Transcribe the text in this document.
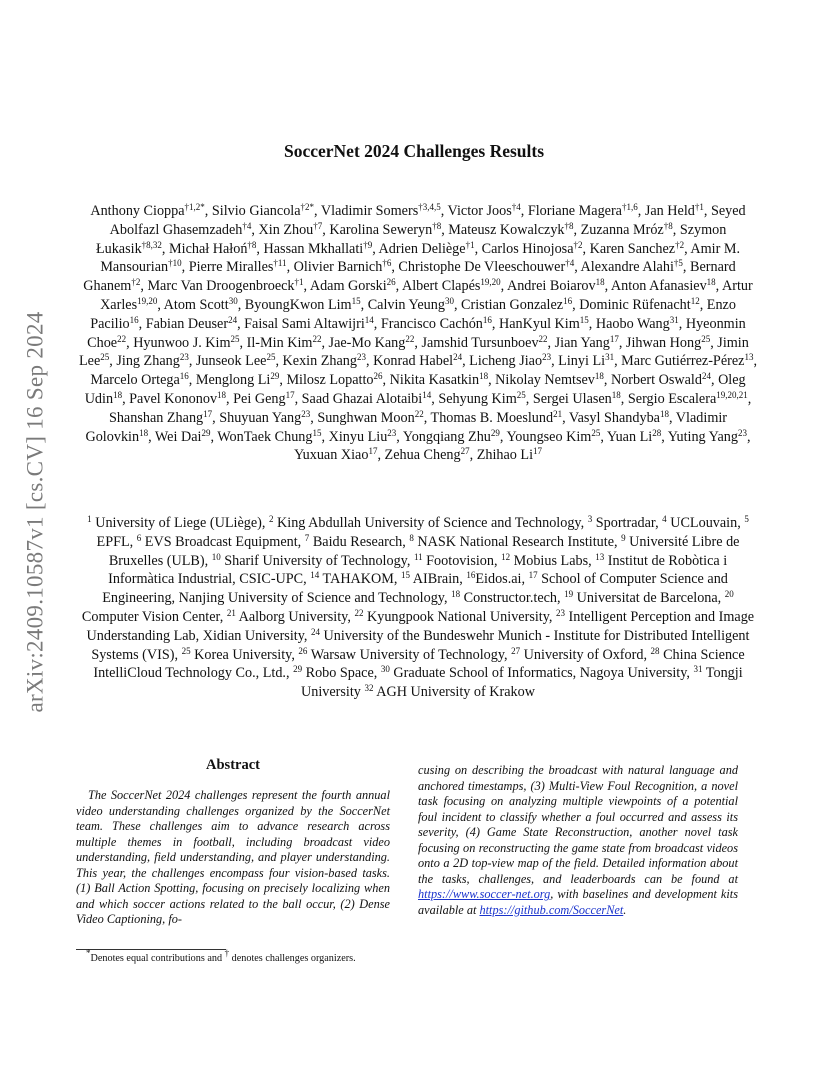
arXiv:2409.10587v1 [cs.CV] 16 Sep 2024
SoccerNet 2024 Challenges Results
Anthony Cioppa$^{\dagger 1,2*}$, Silvio Giancola$^{\dagger 2*}$, Vladimir Somers$^{\dagger 3,4,5}$, Victor Joos$^{\dagger 4}$, Floriane Magera$^{\dagger 1,6}$, Jan Held$^{\dagger 1}$, Seyed Abolfazl Ghasemzadeh$^{\dagger 4}$, Xin Zhou$^{\dagger 7}$, Karolina Seweryn$^{\dagger 8}$, Mateusz Kowalczyk$^{\dagger 8}$, Zuzanna Mróz$^{\dagger 8}$, Szymon Łukasik$^{\dagger 8,32}$, Michał Hałoń$^{\dagger 8}$, Hassan Mkhallati$^{\dagger 9}$, Adrien Deliège$^{\dagger 1}$, Carlos Hinojosa$^{\dagger 2}$, Karen Sanchez$^{\dagger 2}$, Amir M. Mansourian$^{\dagger 10}$, Pierre Miralles$^{\dagger 11}$, Olivier Barnich$^{\dagger 6}$, Christophe De Vleeschouwer$^{\dagger 4}$, Alexandre Alahi$^{\dagger 5}$, Bernard Ghanem$^{\dagger 2}$, Marc Van Droogenbroeck$^{\dagger 1}$, Adam Gorski$^{26}$, Albert Clapés$^{19,20}$, Andrei Boiarov$^{18}$, Anton Afanasiev$^{18}$, Artur Xarles$^{19,20}$, Atom Scott$^{30}$, ByoungKwon Lim$^{15}$, Calvin Yeung$^{30}$, Cristian Gonzalez$^{16}$, Dominic Rüfenacht$^{12}$, Enzo Pacilio$^{16}$, Fabian Deuser$^{24}$, Faisal Sami Altawijri$^{14}$, Francisco Cachón$^{16}$, HanKyul Kim$^{15}$, Haobo Wang$^{31}$, Hyeonmin Choe$^{22}$, Hyunwoo J. Kim$^{25}$, Il-Min Kim$^{22}$, Jae-Mo Kang$^{22}$, Jamshid Tursunboev$^{22}$, Jian Yang$^{17}$, Jihwan Hong$^{25}$, Jimin Lee$^{25}$, Jing Zhang$^{23}$, Junseok Lee$^{25}$, Kexin Zhang$^{23}$, Konrad Habel$^{24}$, Licheng Jiao$^{23}$, Linyi Li$^{31}$, Marc Gutiérrez-Pérez$^{13}$, Marcelo Ortega$^{16}$, Menglong Li$^{29}$, Milosz Lopatto$^{26}$, Nikita Kasatkin$^{18}$, Nikolay Nemtsev$^{18}$, Norbert Oswald$^{24}$, Oleg Udin$^{18}$, Pavel Kononov$^{18}$, Pei Geng$^{17}$, Saad Ghazai Alotaibi$^{14}$, Sehyung Kim$^{25}$, Sergei Ulasen$^{18}$, Sergio Escalera$^{19,20,21}$, Shanshan Zhang$^{17}$, Shuyuan Yang$^{23}$, Sunghwan Moon$^{22}$, Thomas B. Moeslund$^{21}$, Vasyl Shandyba$^{18}$, Vladimir Golovkin$^{18}$, Wei Dai$^{29}$, WonTaek Chung$^{15}$, Xinyu Liu$^{23}$, Yongqiang Zhu$^{29}$, Youngseo Kim$^{25}$, Yuan Li$^{28}$, Yuting Yang$^{23}$, Yuxuan Xiao$^{17}$, Zehua Cheng$^{27}$, Zhihao Li$^{17}$
$^1$ University of Liege (ULiège), $^2$ King Abdullah University of Science and Technology, $^3$ Sportradar, $^4$ UCLouvain, $^5$ EPFL, $^6$ EVS Broadcast Equipment, $^7$ Baidu Research, $^8$ NASK National Research Institute, $^9$ Université Libre de Bruxelles (ULB), $^{10}$ Sharif University of Technology, $^{11}$ Footovision, $^{12}$ Mobius Labs, $^{13}$ Institut de Robòtica i Informàtica Industrial, CSIC-UPC, $^{14}$ TAHAKOM, $^{15}$ AIBrain, $^{16}$Eidos.ai, $^{17}$ School of Computer Science and Engineering, Nanjing University of Science and Technology, $^{18}$ Constructor.tech, $^{19}$ Universitat de Barcelona, $^{20}$ Computer Vision Center, $^{21}$ Aalborg University, $^{22}$ Kyungpook National University, $^{23}$ Intelligent Perception and Image Understanding Lab, Xidian University, $^{24}$ University of the Bundeswehr Munich - Institute for Distributed Intelligent Systems (VIS), $^{25}$ Korea University, $^{26}$ Warsaw University of Technology, $^{27}$ University of Oxford, $^{28}$ China Science IntelliCloud Technology Co., Ltd., $^{29}$ Robo Space, $^{30}$ Graduate School of Informatics, Nagoya University, $^{31}$ Tongji University $^{32}$ AGH University of Krakow
Abstract

The SoccerNet 2024 challenges represent the fourth annual video understanding challenges organized by the SoccerNet team. These challenges aim to advance research across multiple themes in football, including broadcast video understanding, field understanding, and player understanding. This year, the challenges encompass four vision-based tasks. (1) Ball Action Spotting, focusing on precisely localizing when and which soccer actions related to the ball occur, (2) Dense Video Captioning, fo-

cusing on describing the broadcast with natural language and anchored timestamps, (3) Multi-View Foul Recognition, a novel task focusing on analyzing multiple viewpoints of a potential foul incident to classify whether a foul occurred and assess its severity, (4) Game State Reconstruction, another novel task focusing on reconstructing the game state from broadcast videos onto a 2D top-view map of the field. Detailed information about the tasks, challenges, and leaderboards can be found at https://www.soccer-net.org, with baselines and development kits available at https://github.com/SoccerNet.

*Denotes equal contributions and † denotes challenges organizers.
